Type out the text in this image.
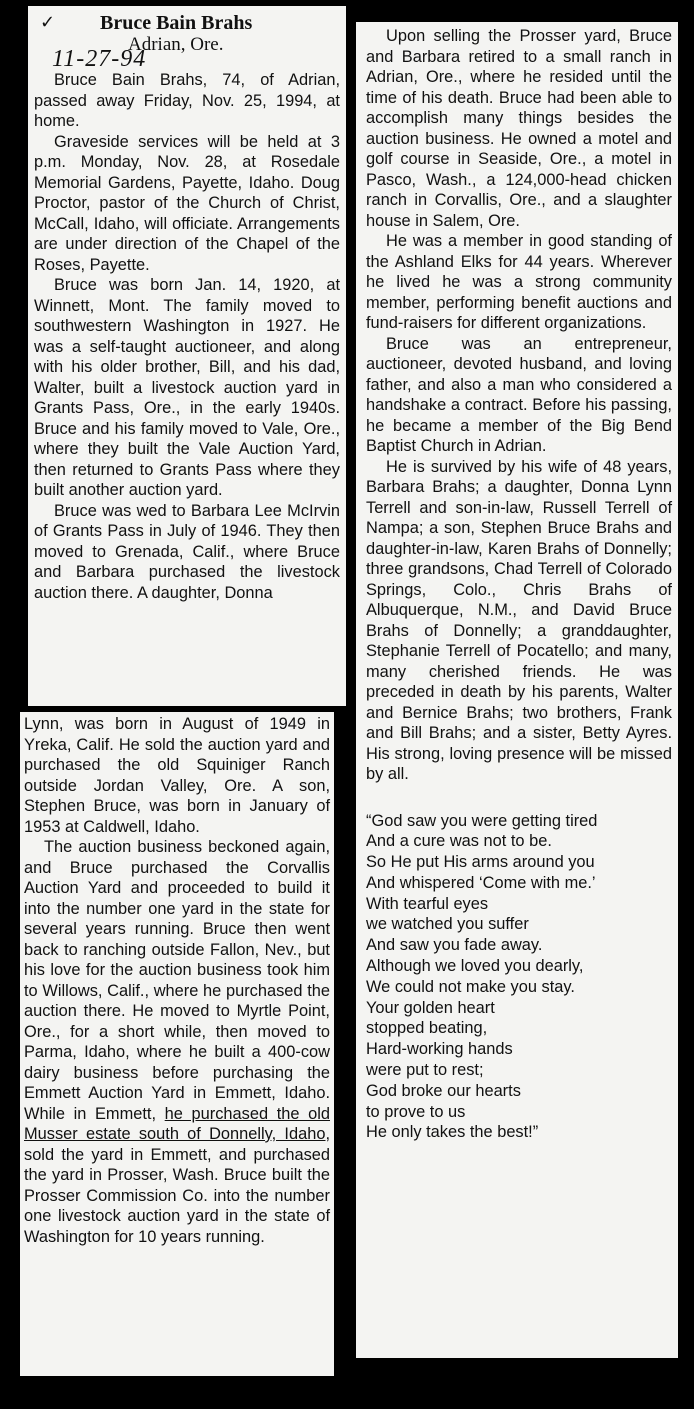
✓ Bruce Bain Brahs
Adrian, Ore.
11-27-94

Bruce Bain Brahs, 74, of Adrian, passed away Friday, Nov. 25, 1994, at home.

Graveside services will be held at 3 p.m. Monday, Nov. 28, at Rosedale Memorial Gardens, Payette, Idaho. Doug Proctor, pastor of the Church of Christ, McCall, Idaho, will officiate. Arrangements are under direction of the Chapel of the Roses, Payette.

Bruce was born Jan. 14, 1920, at Winnett, Mont. The family moved to southwestern Washington in 1927. He was a self-taught auctioneer, and along with his older brother, Bill, and his dad, Walter, built a livestock auction yard in Grants Pass, Ore., in the early 1940s. Bruce and his family moved to Vale, Ore., where they built the Vale Auction Yard, then returned to Grants Pass where they built another auction yard.

Bruce was wed to Barbara Lee McIrvin of Grants Pass in July of 1946. They then moved to Grenada, Calif., where Bruce and Barbara purchased the livestock auction there. A daughter, Donna

Lynn, was born in August of 1949 in Yreka, Calif. He sold the auction yard and purchased the old Squiniger Ranch outside Jordan Valley, Ore. A son, Stephen Bruce, was born in January of 1953 at Caldwell, Idaho.

The auction business beckoned again, and Bruce purchased the Corvallis Auction Yard and proceeded to build it into the number one yard in the state for several years running. Bruce then went back to ranching outside Fallon, Nev., but his love for the auction business took him to Willows, Calif., where he purchased the auction there. He moved to Myrtle Point, Ore., for a short while, then moved to Parma, Idaho, where he built a 400-cow dairy business before purchasing the Emmett Auction Yard in Emmett, Idaho. While in Emmett, he purchased the old Musser estate south of Donnelly, Idaho, sold the yard in Emmett, and purchased the yard in Prosser, Wash. Bruce built the Prosser Commission Co. into the number one livestock auction yard in the state of Washington for 10 years running.

Upon selling the Prosser yard, Bruce and Barbara retired to a small ranch in Adrian, Ore., where he resided until the time of his death. Bruce had been able to accomplish many things besides the auction business. He owned a motel and golf course in Seaside, Ore., a motel in Pasco, Wash., a 124,000-head chicken ranch in Corvallis, Ore., and a slaughter house in Salem, Ore.

He was a member in good standing of the Ashland Elks for 44 years. Wherever he lived he was a strong community member, performing benefit auctions and fund-raisers for different organizations.

Bruce was an entrepreneur, auctioneer, devoted husband, and loving father, and also a man who considered a handshake a contract. Before his passing, he became a member of the Big Bend Baptist Church in Adrian.

He is survived by his wife of 48 years, Barbara Brahs; a daughter, Donna Lynn Terrell and son-in-law, Russell Terrell of Nampa; a son, Stephen Bruce Brahs and daughter-in-law, Karen Brahs of Donnelly; three grandsons, Chad Terrell of Colorado Springs, Colo., Chris Brahs of Albuquerque, N.M., and David Bruce Brahs of Donnelly; a granddaughter, Stephanie Terrell of Pocatello; and many, many cherished friends. He was preceded in death by his parents, Walter and Bernice Brahs; two brothers, Frank and Bill Brahs; and a sister, Betty Ayres. His strong, loving presence will be missed by all.

“God saw you were getting tired
And a cure was not to be.
So He put His arms around you
And whispered ‘Come with me.’
With tearful eyes
we watched you suffer
And saw you fade away.
Although we loved you dearly,
We could not make you stay.
Your golden heart
stopped beating,
Hard-working hands
were put to rest;
God broke our hearts
to prove to us
He only takes the best!”
